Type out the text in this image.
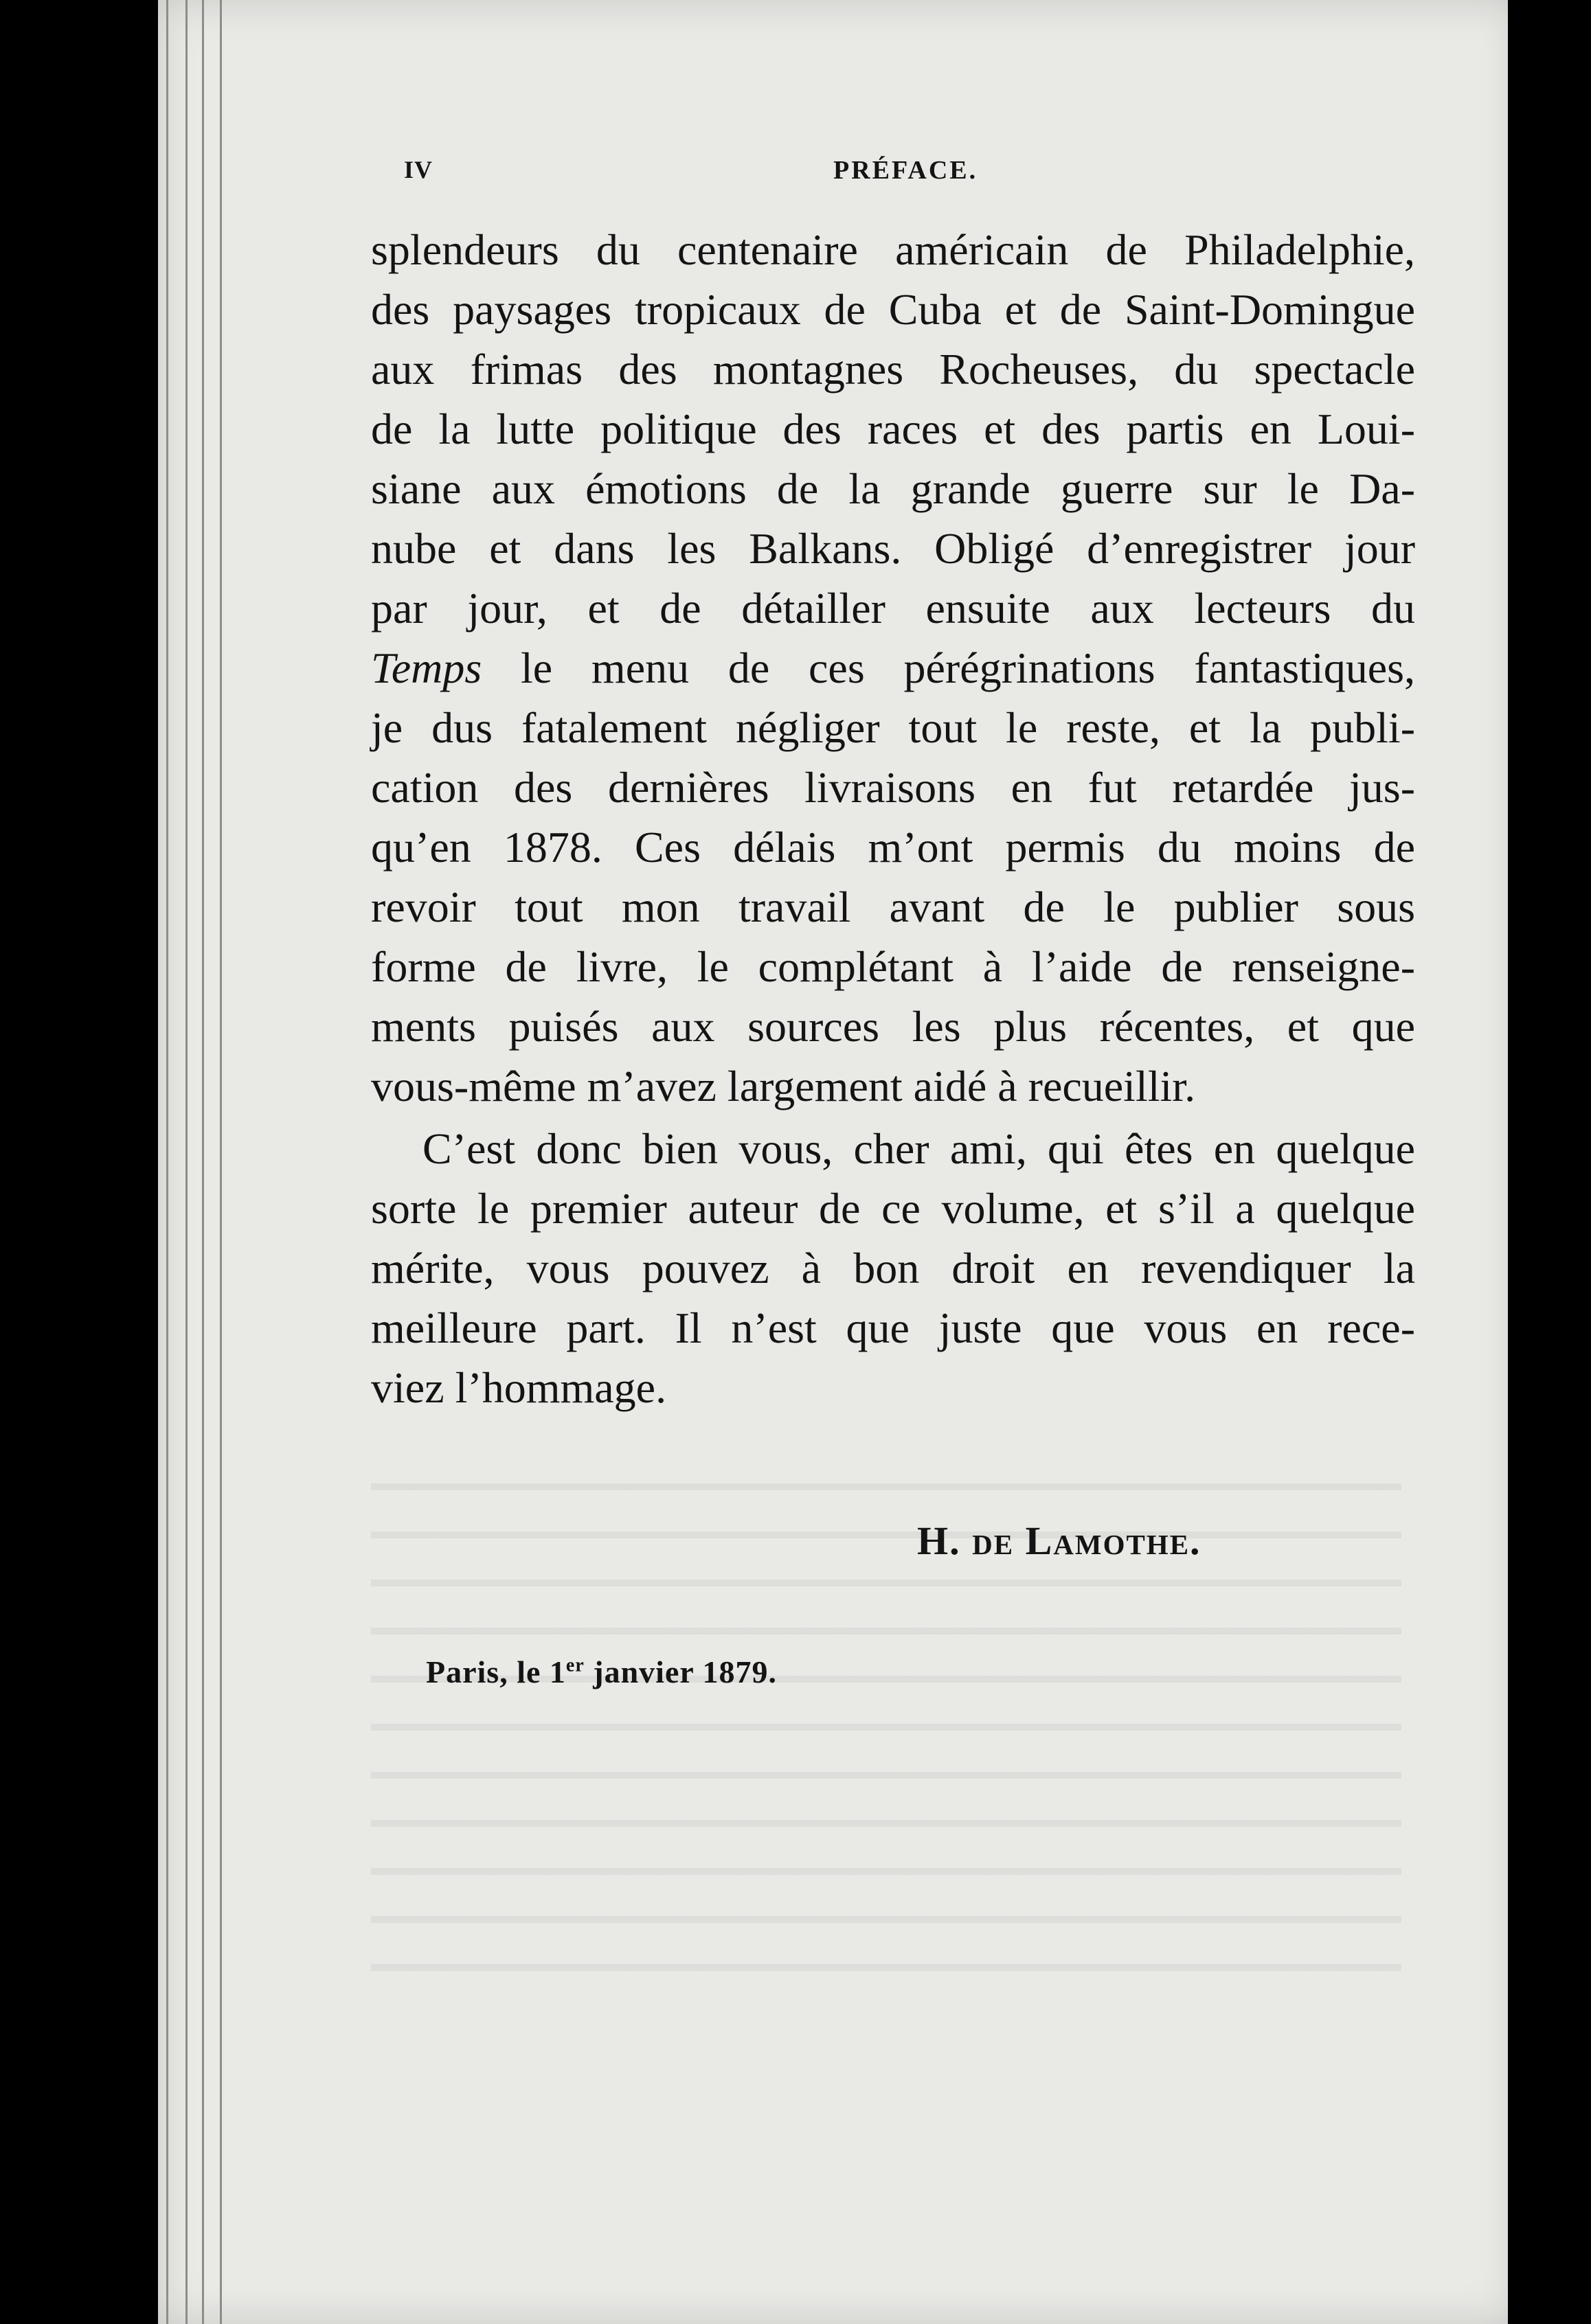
IV	PRÉFACE.
splendeurs du centenaire américain de Philadelphie,
des paysages tropicaux de Cuba et de Saint-Domingue
aux frimas des montagnes Rocheuses, du spectacle
de la lutte politique des races et des partis en Loui-
siane aux émotions de la grande guerre sur le Da-
nube et dans les Balkans. Obligé d’enregistrer jour
par jour, et de détailler ensuite aux lecteurs du
Temps le menu de ces pérégrinations fantastiques,
je dus fatalement négliger tout le reste, et la publi-
cation des dernières livraisons en fut retardée jus-
qu’en 1878. Ces délais m’ont permis du moins de
revoir tout mon travail avant de le publier sous
forme de livre, le complétant à l’aide de renseigne-
ments puisés aux sources les plus récentes, et que
vous-même m’avez largement aidé à recueillir.
C’est donc bien vous, cher ami, qui êtes en quelque
sorte le premier auteur de ce volume, et s’il a quelque
mérite, vous pouvez à bon droit en revendiquer la
meilleure part. Il n’est que juste que vous en rece-
viez l’hommage.
H. de Lamothe.
Paris, le 1er janvier 1879.
